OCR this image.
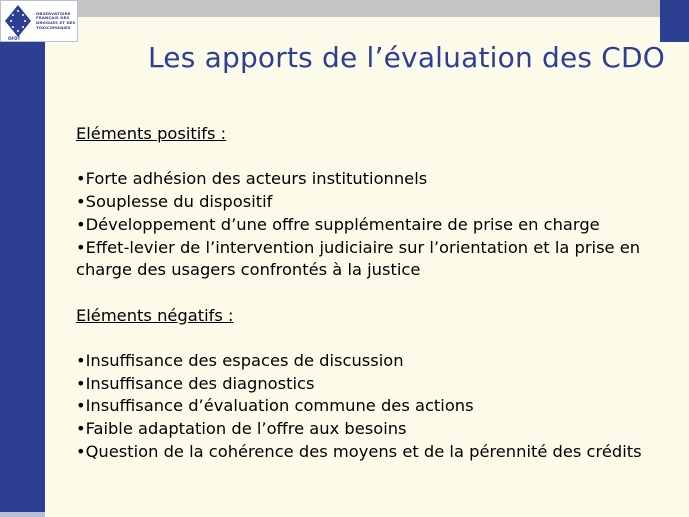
OFDT
OBSERVATOIRE
FRANÇAIS DES
DROGUES ET DES
TOXICOMANIES
Les apports de l’évaluation des CDO
Eléments positifs :
•Forte adhésion des acteurs institutionnels
•Souplesse du dispositif
•Développement d’une offre supplémentaire de prise en charge
•Effet-levier de l’intervention judiciaire sur l’orientation et la prise en charge des usagers confrontés à la justice
Eléments négatifs :
•Insuffisance des espaces de discussion
•Insuffisance des diagnostics
•Insuffisance d’évaluation commune des actions
•Faible adaptation de l’offre aux besoins
•Question de la cohérence des moyens et de la pérennité des crédits
